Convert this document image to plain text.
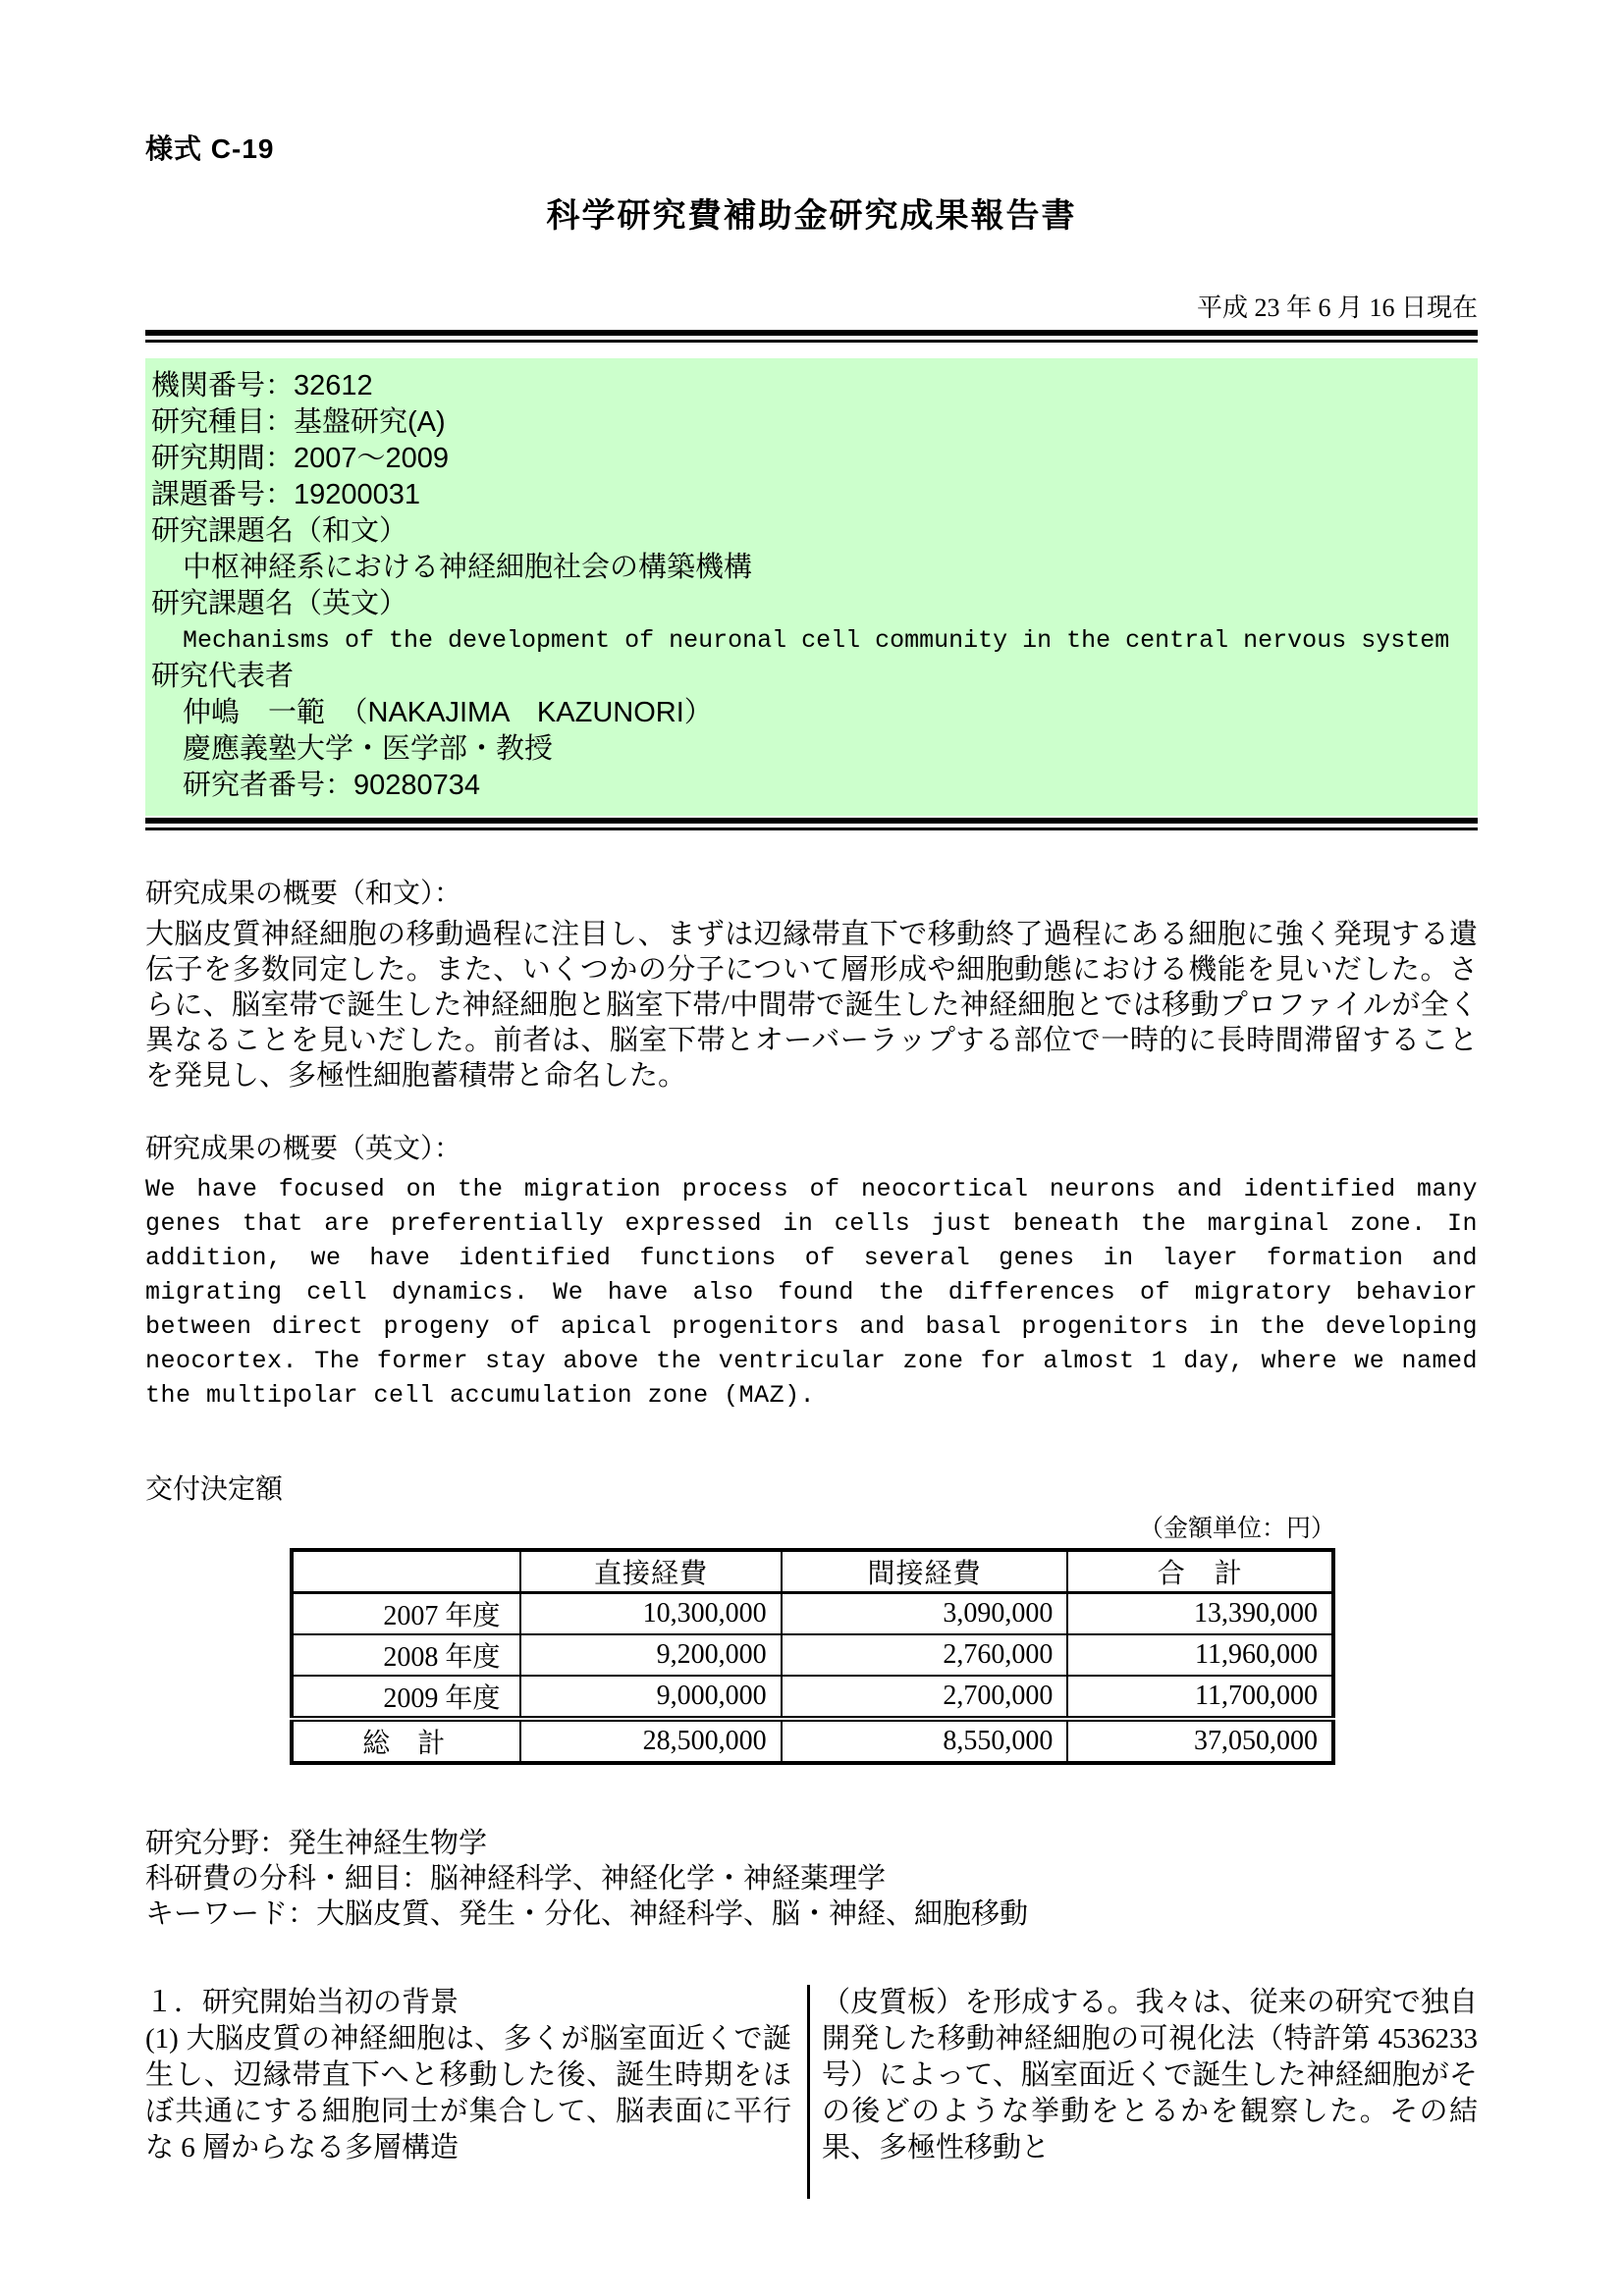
様式 C-19
科学研究費補助金研究成果報告書
平成 23 年 6 月 16 日現在
機関番号：32612
研究種目：基盤研究(A)
研究期間：2007～2009
課題番号：19200031
研究課題名（和文）
中枢神経系における神経細胞社会の構築機構
研究課題名（英文）
Mechanisms of the development of neuronal cell community in the central nervous system
研究代表者
仲嶋　一範　（NAKAJIMA　KAZUNORI）
慶應義塾大学・医学部・教授
研究者番号：90280734
研究成果の概要（和文）：
大脳皮質神経細胞の移動過程に注目し、まずは辺縁帯直下で移動終了過程にある細胞に強く発現する遺伝子を多数同定した。また、いくつかの分子について層形成や細胞動態における機能を見いだした。さらに、脳室帯で誕生した神経細胞と脳室下帯/中間帯で誕生した神経細胞とでは移動プロファイルが全く異なることを見いだした。前者は、脳室下帯とオーバーラップする部位で一時的に長時間滞留することを発見し、多極性細胞蓄積帯と命名した。
研究成果の概要（英文）：
We have focused on the migration process of neocortical neurons and identified many genes that are preferentially expressed in cells just beneath the marginal zone. In addition, we have identified functions of several genes in layer formation and migrating cell dynamics. We have also found the differences of migratory behavior between direct progeny of apical progenitors and basal progenitors in the developing neocortex. The former stay above the ventricular zone for almost 1 day, where we named the multipolar cell accumulation zone (MAZ).
交付決定額
（金額単位：円）
	直接経費	間接経費	合　計
2007 年度	10,300,000	3,090,000	13,390,000
2008 年度	9,200,000	2,760,000	11,960,000
2009 年度	9,000,000	2,700,000	11,700,000
総　計	28,500,000	8,550,000	37,050,000
研究分野：発生神経生物学
科研費の分科・細目：脳神経科学、神経化学・神経薬理学
キーワード：大脳皮質、発生・分化、神経科学、脳・神経、細胞移動
１．研究開始当初の背景
(1) 大脳皮質の神経細胞は、多くが脳室面近くで誕生し、辺縁帯直下へと移動した後、誕生時期をほぼ共通にする細胞同士が集合して、脳表面に平行な 6 層からなる多層構造
（皮質板）を形成する。我々は、従来の研究で独自開発した移動神経細胞の可視化法（特許第 4536233 号）によって、脳室面近くで誕生した神経細胞がその後どのような挙動をとるかを観察した。その結果、多極性移動と
